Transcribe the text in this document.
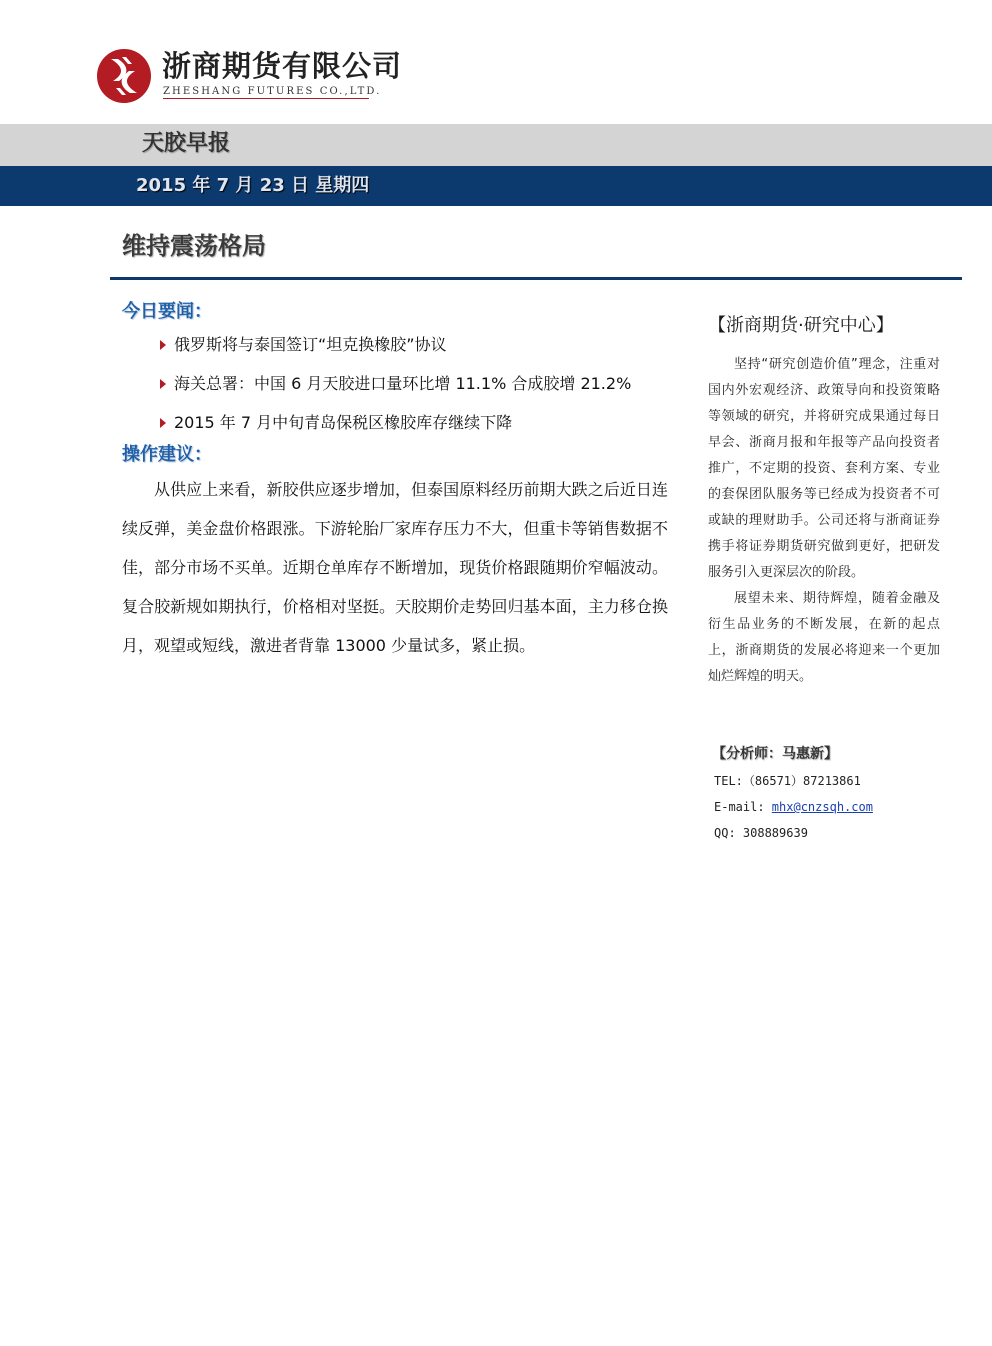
浙商期货有限公司
ZHESHANG FUTURES CO.,LTD.
天胶早报
2015 年 7 月 23 日 星期四
维持震荡格局
今日要闻：
俄罗斯将与泰国签订“坦克换橡胶”协议
海关总署：中国 6 月天胶进口量环比增 11.1% 合成胶增 21.2%
2015 年 7 月中旬青岛保税区橡胶库存继续下降
操作建议：

从供应上来看，新胶供应逐步增加，但泰国原料经历前期大跌之后近日连续反弹，美金盘价格跟涨。下游轮胎厂家库存压力不大，但重卡等销售数据不佳，部分市场不买单。近期仓单库存不断增加，现货价格跟随期价窄幅波动。复合胶新规如期执行，价格相对坚挺。天胶期价走势回归基本面，主力移仓换月，观望或短线，激进者背靠 13000 少量试多，紧止损。

【浙商期货·研究中心】

坚持“研究创造价值”理念，注重对国内外宏观经济、政策导向和投资策略等领域的研究，并将研究成果通过每日早会、浙商月报和年报等产品向投资者推广，不定期的投资、套利方案、专业的套保团队服务等已经成为投资者不可或缺的理财助手。公司还将与浙商证券携手将证券期货研究做到更好，把研发服务引入更深层次的阶段。

展望未来、期待辉煌，随着金融及衍生品业务的不断发展，在新的起点上，浙商期货的发展必将迎来一个更加灿烂辉煌的明天。

【分析师：马惠新】
TEL:（86571）87213861
E-mail: mhx@cnzsqh.com
QQ: 308889639
